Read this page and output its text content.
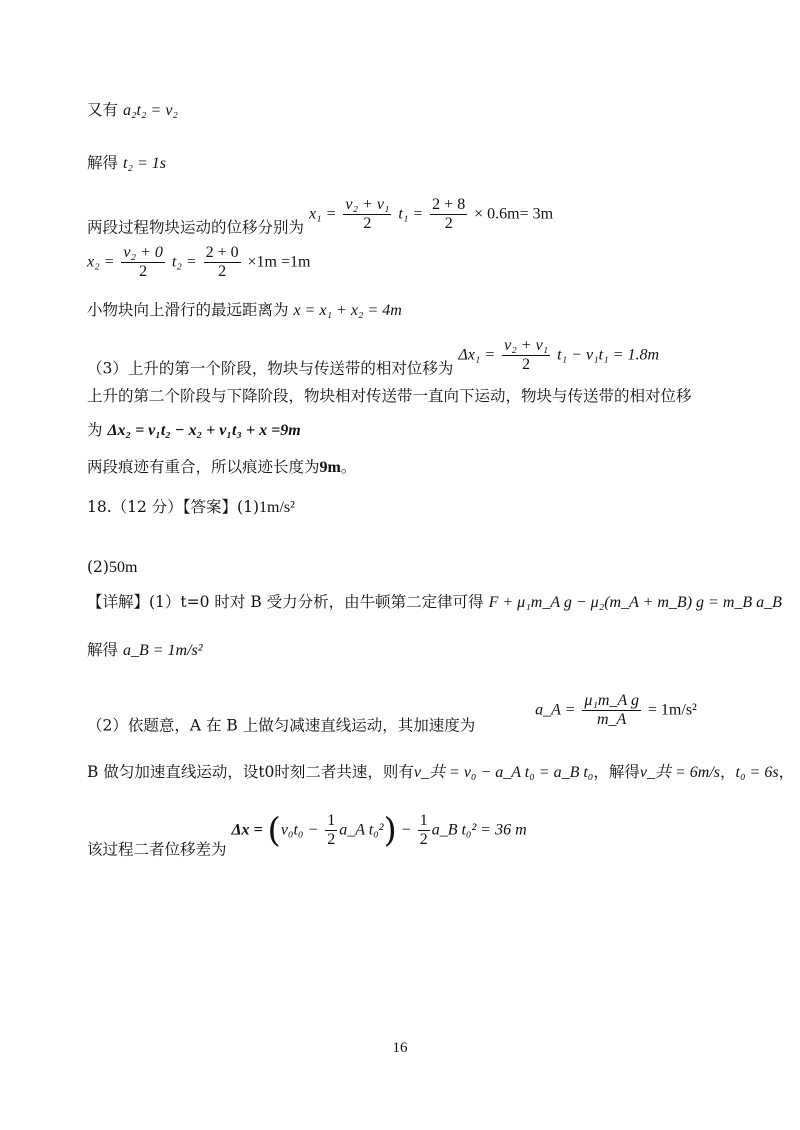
又有 a₂t₂ = v₂
解得 t₂ = 1s
两段过程物块运动的位移分别为 $x_1 = \frac{\text{v₂ + v₁}}{2} t_1 = \frac{2 + 8}{2} \times 0.6m= 3m$
$x_2 = \frac{\text{v₂ + 0}}{2} t_2 = \frac{2 + 0}{2} \times 1m =1m$
小物块向上滑行的最远距离为 x = x₁ + x₂ = 4m
（3）上升的第一个阶段，物块与传送带的相对位移为 $\Delta x_1 = \frac{\text{v₂ + v₁}}{2} t_1 - v_1t_1 = 1.8m$
上升的第二个阶段与下降阶段，物块相对传送带一直向下运动，物块与传送带的相对位移
为 Δx₂ = v₁t₂ − x₂ + v₁t₃ + x =9m
两段痕迹有重合，所以痕迹长度为9m。
18.（12 分）【答案】(1)1m/s²
(2)50m
【详解】(1）t=0 时对 B 受力分析，由牛顿第二定律可得 F + μ₁m_A g − μ₂(m_A + m_B) g = m_B a_B
解得 a_B = 1m/s²
（2）依题意，A 在 B 上做匀减速直线运动，其加速度为  a_A = $\frac{\text{μ₁m\_A g}}{m\_A} = 1m/s^2$
B 做匀加速直线运动，设t0时刻二者共速，则有v_共 = v₀ − a_A t₀ = a_B t₀，解得v_共 = 6m/s，t₀ = 6s，
该过程二者位移差为 $\Delta x = (v_0t_0 - \frac{1}{2}$ a_A $t_0^2) - \frac{1}{2}$ a_B t₀² = 36 m
16
